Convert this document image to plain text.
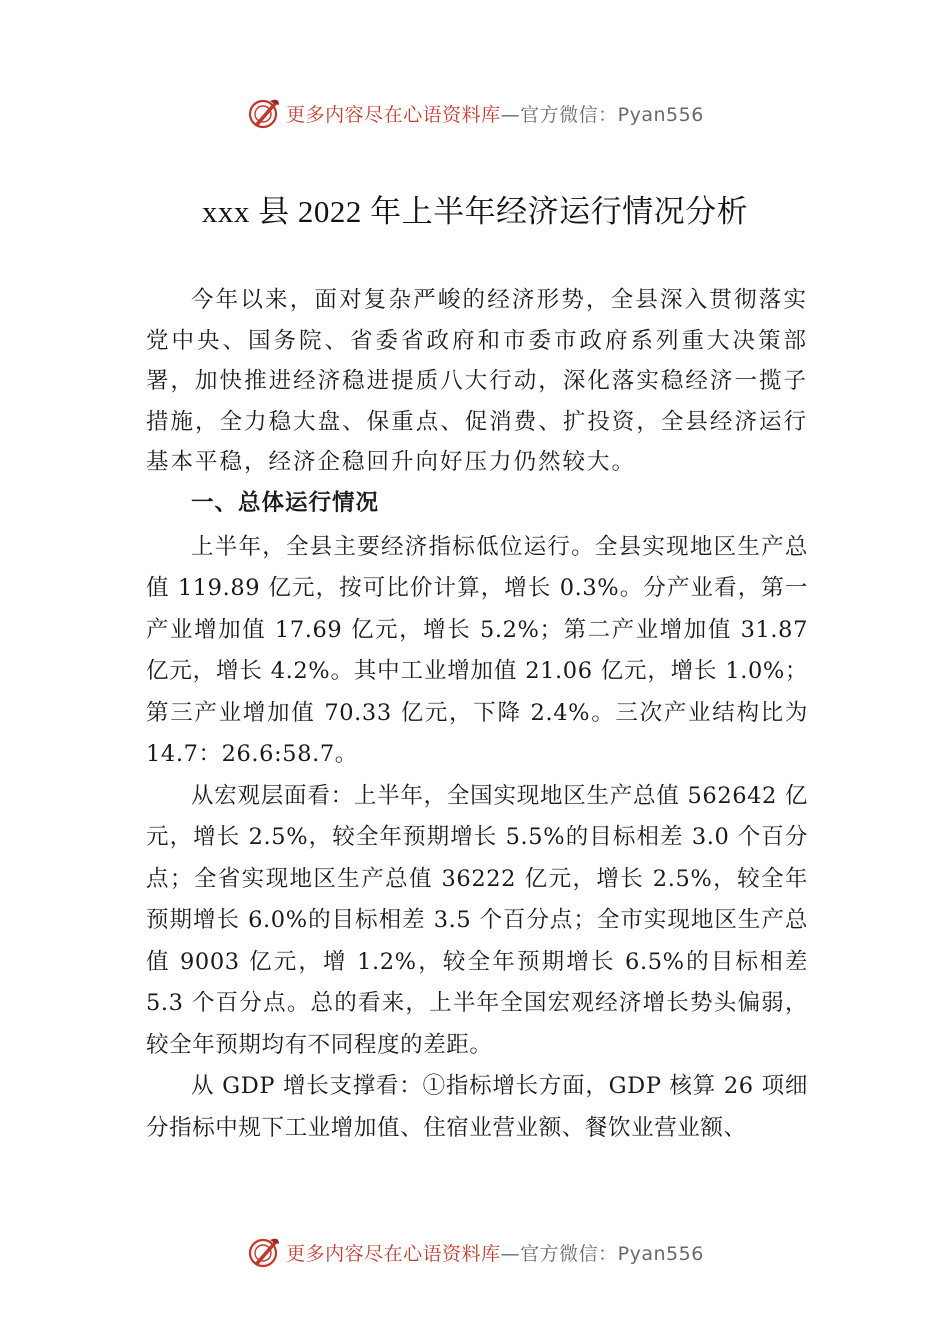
更多内容尽在心语资料库 —官方微信：Pyan556
xxx 县 2022 年上半年经济运行情况分析

今年以来，面对复杂严峻的经济形势，全县深入贯彻落实党中央、国务院、省委省政府和市委市政府系列重大决策部署，加快推进经济稳进提质八大行动，深化落实稳经济一揽子措施，全力稳大盘、保重点、促消费、扩投资，全县经济运行基本平稳，经济企稳回升向好压力仍然较大。

一、总体运行情况

上半年，全县主要经济指标低位运行。全县实现地区生产总值 119.89 亿元，按可比价计算，增长 0.3%。分产业看，第一产业增加值 17.69 亿元，增长 5.2%；第二产业增加值 31.87 亿元，增长 4.2%。其中工业增加值 21.06 亿元，增长 1.0%；第三产业增加值 70.33 亿元，下降 2.4%。三次产业结构比为 14.7：26.6:58.7。

从宏观层面看：上半年，全国实现地区生产总值 562642 亿元，增长 2.5%，较全年预期增长 5.5%的目标相差 3.0 个百分点；全省实现地区生产总值 36222 亿元，增长 2.5%，较全年预期增长 6.0%的目标相差 3.5 个百分点；全市实现地区生产总值 9003 亿元，增 1.2%，较全年预期增长 6.5%的目标相差 5.3 个百分点。总的看来，上半年全国宏观经济增长势头偏弱，较全年预期均有不同程度的差距。

从 GDP 增长支撑看：①指标增长方面，GDP 核算 26 项细分指标中规下工业增加值、住宿业营业额、餐饮业营业额、

更多内容尽在心语资料库 —官方微信：Pyan556
